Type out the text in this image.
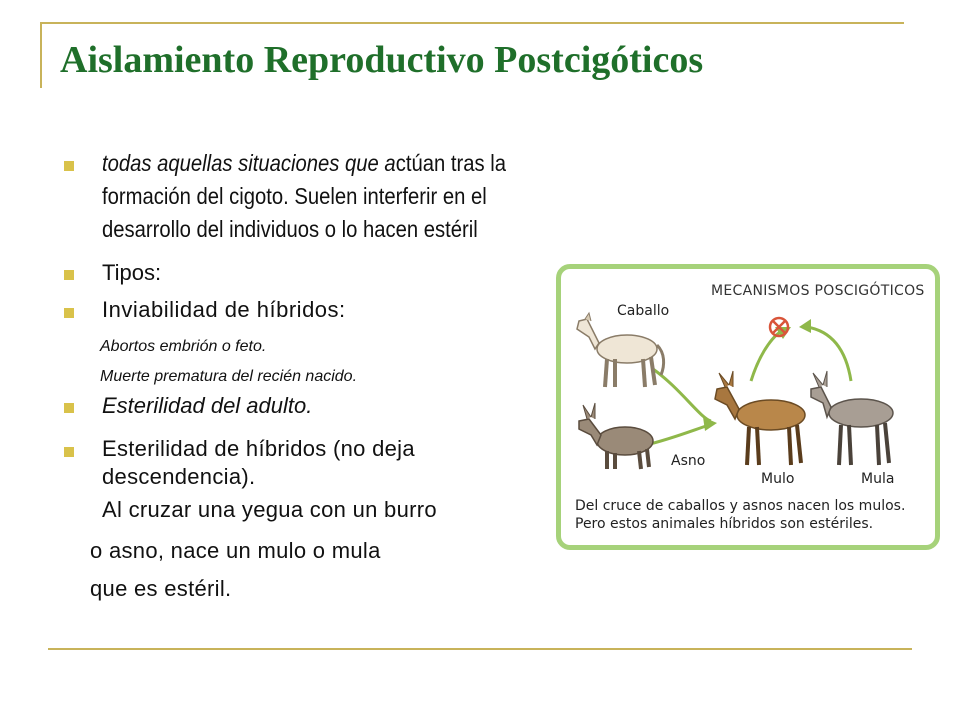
Aislamiento Reproductivo Postcigóticos
todas aquellas situaciones que actúan tras la
formación del cigoto. Suelen interferir en el
desarrollo del individuos o lo hacen estéril
Tipos:
Inviabilidad de híbridos:
Abortos embrión o feto.
Muerte prematura del recién nacido.
Esterilidad del adulto.
Esterilidad de híbridos (no deja
descendencia).
Al cruzar una yegua con un burro
o asno, nace un mulo o mula
que es estéril.
MECANISMOS POSCIGÓTICOS
Caballo
Asno
Mulo	Mula
Del cruce de caballos y asnos nacen los mulos.
Pero estos animales híbridos son estériles.
